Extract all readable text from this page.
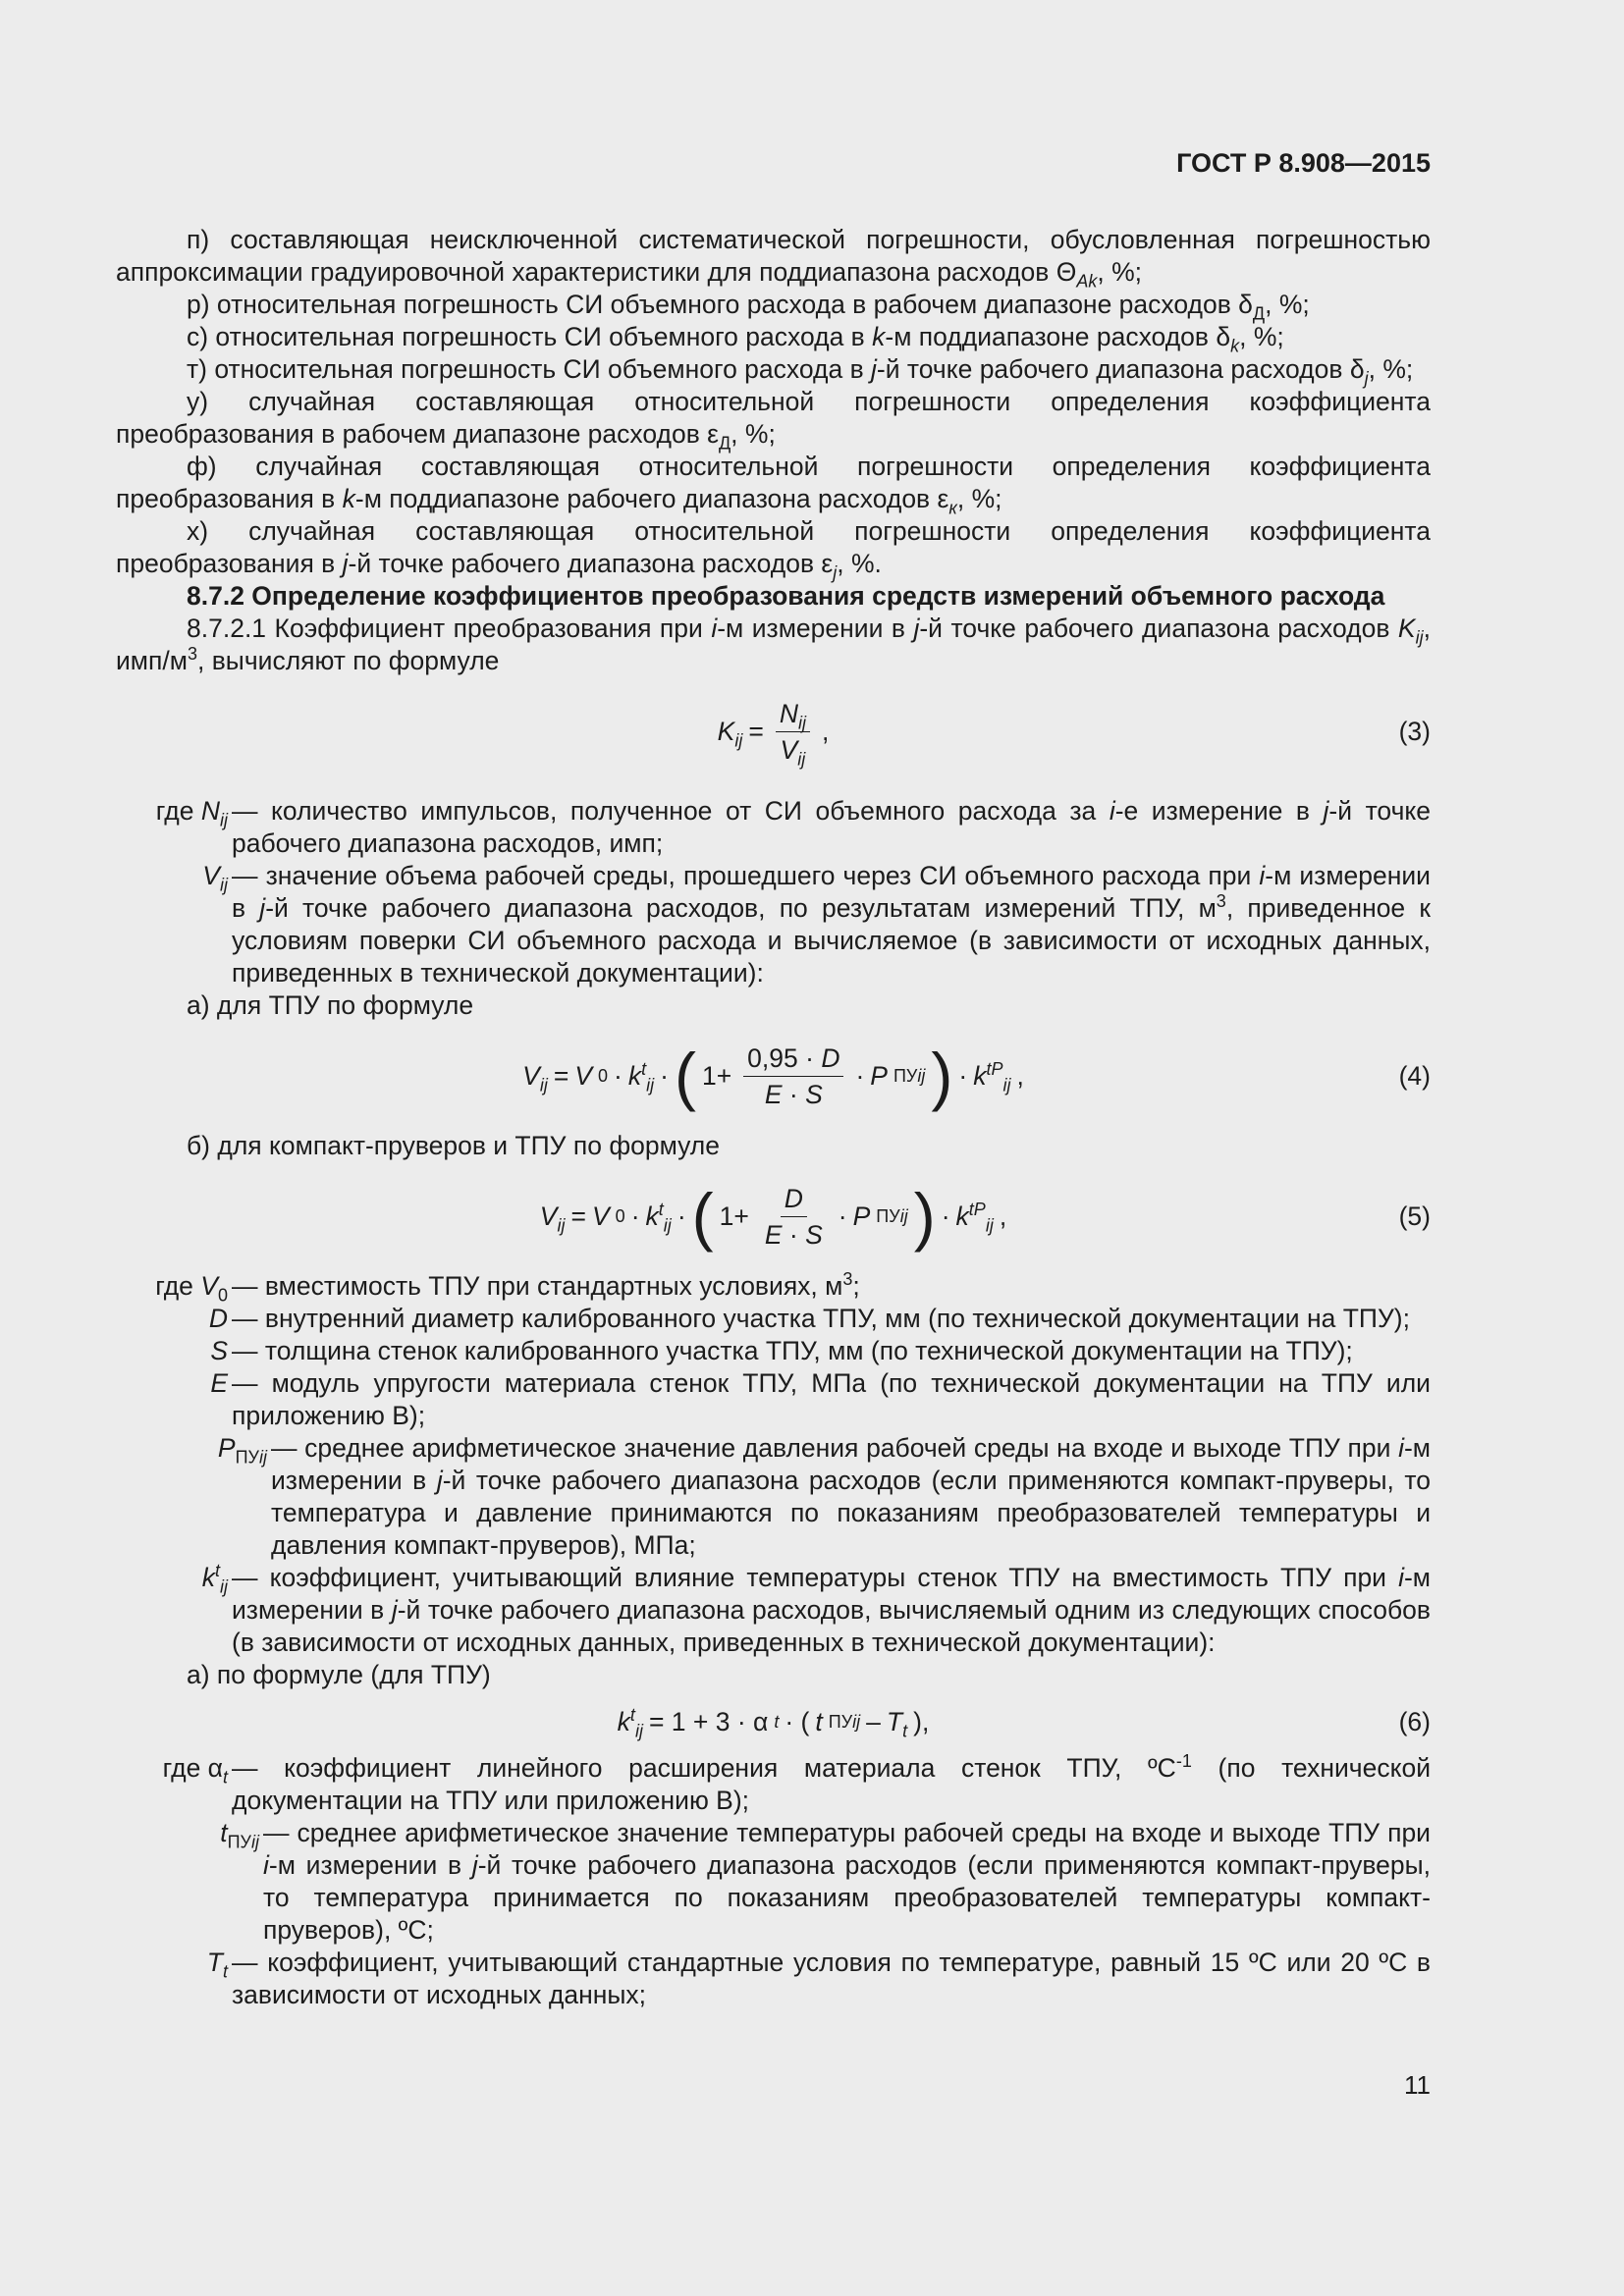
ГОСТ Р 8.908—2015

п) составляющая неисключенной систематической погрешности, обусловленная погрешностью аппроксимации градуировочной характеристики для поддиапазона расходов $\Theta_{Ak}$, %;

р) относительная погрешность СИ объемного расхода в рабочем диапазоне расходов $\delta_Д$, %;

с) относительная погрешность СИ объемного расхода в k-м поддиапазоне расходов $\delta_k$, %;

т) относительная погрешность СИ объемного расхода в j-й точке рабочего диапазона расходов $\delta_j$, %;

у) случайная составляющая относительной погрешности определения коэффициента преобразования в рабочем диапазоне расходов $\varepsilon_Д$, %;

ф) случайная составляющая относительной погрешности определения коэффициента преобразования в k-м поддиапазоне рабочего диапазона расходов $\varepsilon_к$, %;

х) случайная составляющая относительной погрешности определения коэффициента преобразования в j-й точке рабочего диапазона расходов $\varepsilon_j$, %.

8.7.2 Определение коэффициентов преобразования средств измерений объемного расхода

8.7.2.1 Коэффициент преобразования при i-м измерении в j-й точке рабочего диапазона расходов $K_{ij}$, имп/$м^3$, вычисляют по формуле

$K_{ij} = \frac{N_{ij}}{V_{ij}}$ ,	(3)
где $N_{ij}$ — количество импульсов, полученное от СИ объемного расхода за i-е измерение в j-й точке рабочего диапазона расходов, имп;
$V_{ij}$ — значение объема рабочей среды, прошедшего через СИ объемного расхода при i-м измерении в j-й точке рабочего диапазона расходов, по результатам измерений ТПУ, $м^3$, приведенное к условиям поверки СИ объемного расхода и вычисляемое (в зависимости от исходных данных, приведенных в технической документации):

а) для ТПУ по формуле

$V_{ij} = V$ $0 \cdot k^t_{ij}$ · ( $1+ \frac{0,95 \cdot D}{E \cdot S} \cdot P$ ПУij ) · $k^{tP}_{ij}$ ,	(4)

б) для компакт-пруверов и ТПУ по формуле

$V_{ij} = V$ $0 \cdot k^t_{ij}$ · ( $1+ \frac{D}{E \cdot S} \cdot P$ ПУij ) · $k^{tP}_{ij}$ ,	(5)
где $V_0$ — вместимость ТПУ при стандартных условиях, $м^3$;
D — внутренний диаметр калиброванного участка ТПУ, мм (по технической документации на ТПУ);
S — толщина стенок калиброванного участка ТПУ, мм (по технической документации на ТПУ);
E — модуль упругости материала стенок ТПУ, МПа (по технической документации на ТПУ или приложению В);
$P_{ПУij}$ — среднее арифметическое значение давления рабочей среды на входе и выходе ТПУ при i-м измерении в j-й точке рабочего диапазона расходов (если применяются компакт-пруверы, то температура и давление принимаются по показаниям преобразователей температуры и давления компакт-пруверов), МПа;
$k^t_{ij}$ — коэффициент, учитывающий влияние температуры стенок ТПУ на вместимость ТПУ при i-м измерении в j-й точке рабочего диапазона расходов, вычисляемый одним из следующих способов (в зависимости от исходных данных, приведенных в технической документации):

а) по формуле (для ТПУ)

$k^t_{ij} = 1 + 3 \cdot \alpha$ t · ( t ПУij – $T_t$ ),	(6)
где $\alpha_t$ — коэффициент линейного расширения материала стенок ТПУ, ºС$^{-1}$ (по технической документации на ТПУ или приложению В);
$t_{ПУij}$ — среднее арифметическое значение температуры рабочей среды на входе и выходе ТПУ при i-м измерении в j-й точке рабочего диапазона расходов (если применяются компакт-пруверы, то температура принимается по показаниям преобразователей температуры компакт-пруверов), ºС;
$T_t$ — коэффициент, учитывающий стандартные условия по температуре, равный 15 ºС или 20 ºС в зависимости от исходных данных;
11
